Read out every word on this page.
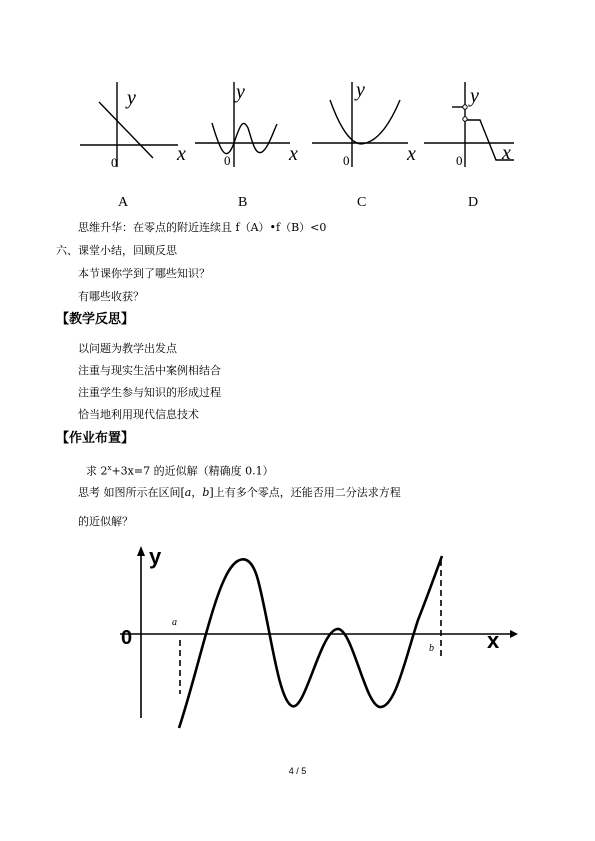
y
x
0
A
y
x
0
B
y
x
0
C
y
x
0
D
思维升华：在零点的附近连续且 f（A）•f（B）<0
六、课堂小结，回顾反思
本节课你学到了哪些知识？
有哪些收获？
【教学反思】
以问题为教学出发点
注重与现实生活中案例相结合
注重学生参与知识的形成过程
恰当地利用现代信息技术
【作业布置】
求 $2^x+3x=7$ 的近似解（精确度 0.1）
思考 如图所示在区间[a，b]上有多个零点，还能否用二分法求方程
的近似解？
y
x
0
a
b
4 / 5
